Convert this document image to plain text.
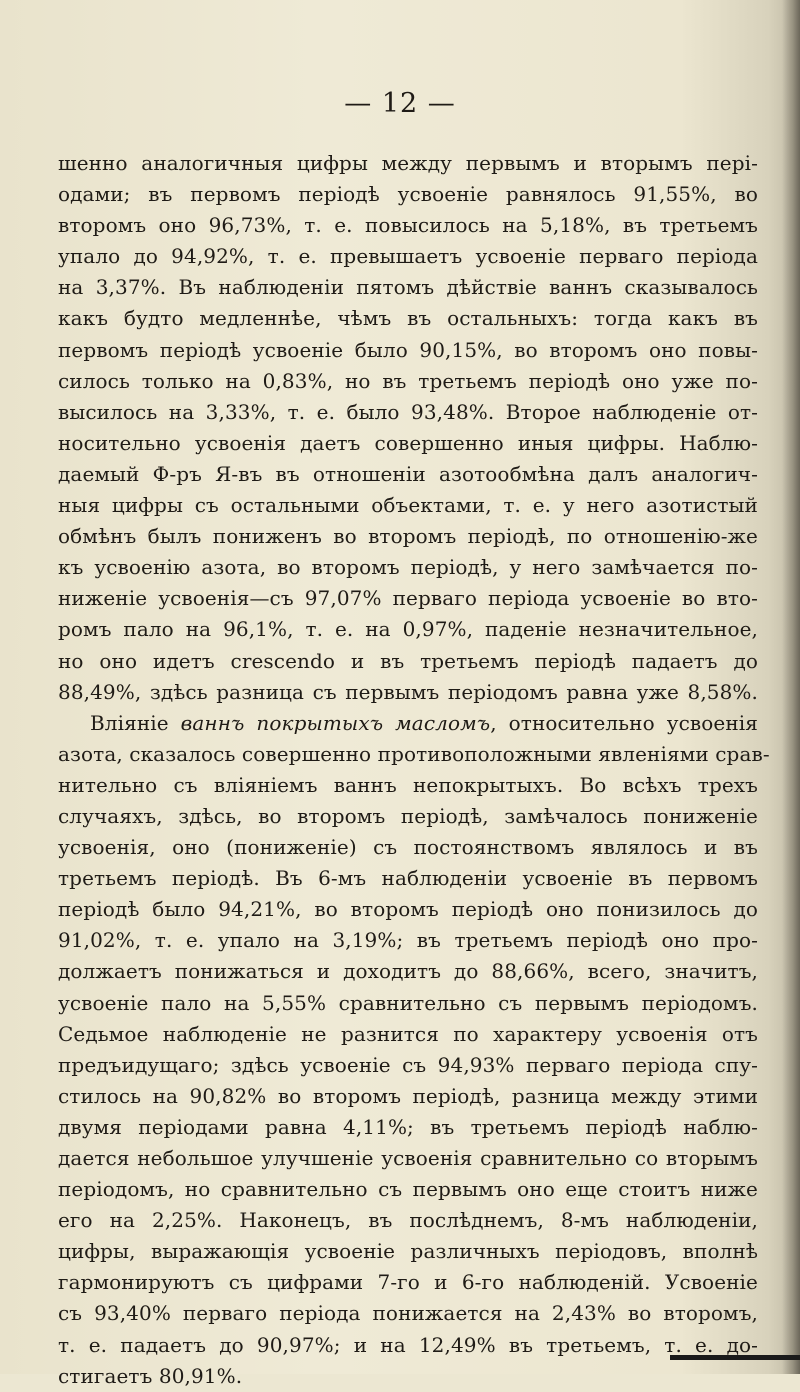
— 12 —
шенно аналогичныя цифры между первымъ и вторымъ пері-
одами; въ первомъ періодѣ усвоеніе равнялось 91,55%, во
второмъ оно 96,73%, т. е. повысилось на 5,18%, въ третьемъ
упало до 94,92%, т. е. превышаетъ усвоеніе перваго періода
на 3,37%. Въ наблюденіи пятомъ дѣйствіе ваннъ сказывалось
какъ будто медленнѣе, чѣмъ въ остальныхъ: тогда какъ въ
первомъ періодѣ усвоеніе было 90,15%, во второмъ оно повы-
силось только на 0,83%, но въ третьемъ періодѣ оно уже по-
высилось на 3,33%, т. е. было 93,48%. Второе наблюденіе от-
носительно усвоенія даетъ совершенно иныя цифры. Наблю-
даемый Ф-ръ Я-въ въ отношеніи азотообмѣна далъ аналогич-
ныя цифры съ остальными объектами, т. е. у него азотистый
обмѣнъ былъ пониженъ во второмъ періодѣ, по отношенію-же
къ усвоенію азота, во второмъ періодѣ, у него замѣчается по-
ниженіе усвоенія—съ 97,07% перваго періода усвоеніе во вто-
ромъ пало на 96,1%, т. е. на 0,97%, паденіе незначительное,
но оно идетъ crescendo и въ третьемъ періодѣ падаетъ до
88,49%, здѣсь разница съ первымъ періодомъ равна уже 8,58%.
Вліяніе ваннъ покрытыхъ масломъ, относительно усвоенія
азота, сказалось совершенно противоположными явленіями срав-
нительно съ вліяніемъ ваннъ непокрытыхъ. Во всѣхъ трехъ
случаяхъ, здѣсь, во второмъ періодѣ, замѣчалось пониженіе
усвоенія, оно (пониженіе) съ постоянствомъ являлось и въ
третьемъ періодѣ. Въ 6-мъ наблюденіи усвоеніе въ первомъ
періодѣ было 94,21%, во второмъ періодѣ оно понизилось до
91,02%, т. е. упало на 3,19%; въ третьемъ періодѣ оно про-
должаетъ понижаться и доходитъ до 88,66%, всего, значитъ,
усвоеніе пало на 5,55% сравнительно съ первымъ періодомъ.
Седьмое наблюденіе не разнится по характеру усвоенія отъ
предъидущаго; здѣсь усвоеніе съ 94,93% перваго періода спу-
стилось на 90,82% во второмъ періодѣ, разница между этими
двумя періодами равна 4,11%; въ третьемъ періодѣ наблю-
дается небольшое улучшеніе усвоенія сравнительно со вторымъ
періодомъ, но сравнительно съ первымъ оно еще стоитъ ниже
его на 2,25%. Наконецъ, въ послѣднемъ, 8-мъ наблюденіи,
цифры, выражающія усвоеніе различныхъ періодовъ, вполнѣ
гармонируютъ съ цифрами 7-го и 6-го наблюденій. Усвоеніе
съ 93,40% перваго періода понижается на 2,43% во второмъ,
т. е. падаетъ до 90,97%; и на 12,49% въ третьемъ, т. е. до-
стигаетъ 80,91%.
